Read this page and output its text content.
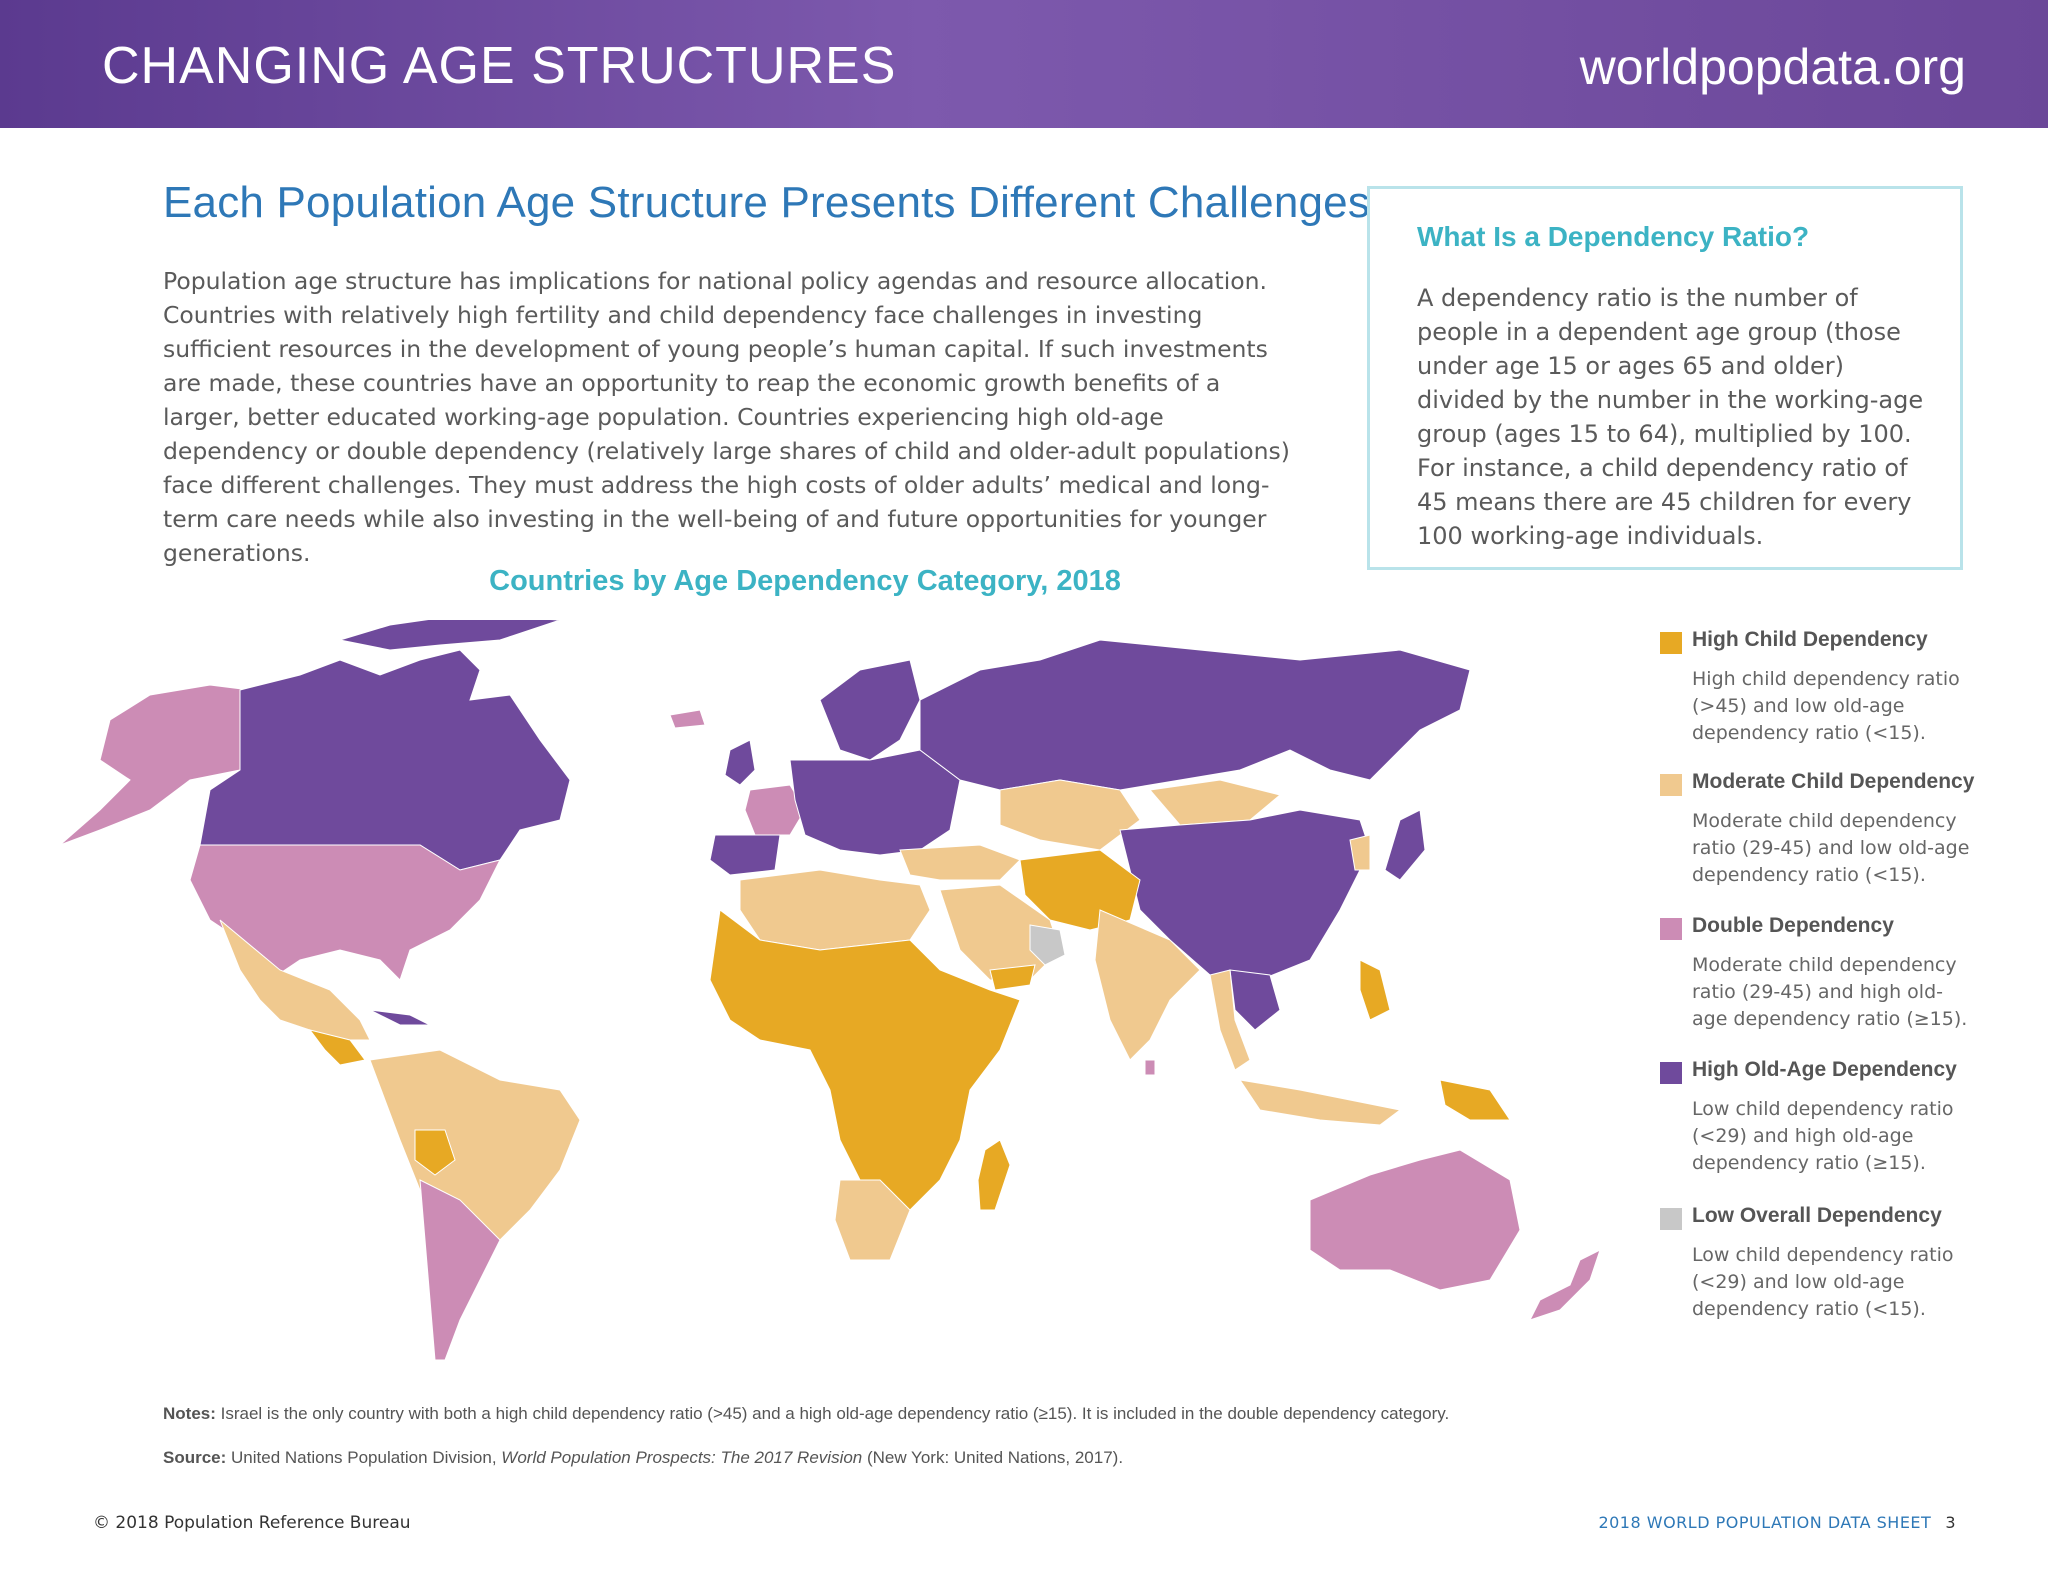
CHANGING AGE STRUCTURES	worldpopdata.org
Each Population Age Structure Presents Different Challenges
Population age structure has implications for national policy agendas and resource allocation. Countries with relatively high fertility and child dependency face challenges in investing sufficient resources in the development of young people’s human capital. If such investments are made, these countries have an opportunity to reap the economic growth benefits of a larger, better educated working-age population. Countries experiencing high old-age dependency or double dependency (relatively large shares of child and older-adult populations) face different challenges. They must address the high costs of older adults’ medical and long-term care needs while also investing in the well-being of and future opportunities for younger generations.
What Is a Dependency Ratio?
A dependency ratio is the number of people in a dependent age group (those under age 15 or ages 65 and older) divided by the number in the working-age group (ages 15 to 64), multiplied by 100. For instance, a child dependency ratio of 45 means there are 45 children for every 100 working-age individuals.
Countries by Age Dependency Category, 2018
High Child Dependency
High child dependency ratio (>45) and low old-age dependency ratio (<15).
Moderate Child Dependency
Moderate child dependency ratio (29-45) and low old-age dependency ratio (<15).
Double Dependency
Moderate child dependency ratio (29-45) and high old-age dependency ratio (≥15).
High Old-Age Dependency
Low child dependency ratio (<29) and high old-age dependency ratio (≥15).
Low Overall Dependency
Low child dependency ratio (<29) and low old-age dependency ratio (<15).
Notes: Israel is the only country with both a high child dependency ratio (>45) and a high old-age dependency ratio (≥15). It is included in the double dependency category.
Source: United Nations Population Division, World Population Prospects: The 2017 Revision (New York: United Nations, 2017).
© 2018 Population Reference Bureau	2018 WORLD POPULATION DATA SHEET 3
